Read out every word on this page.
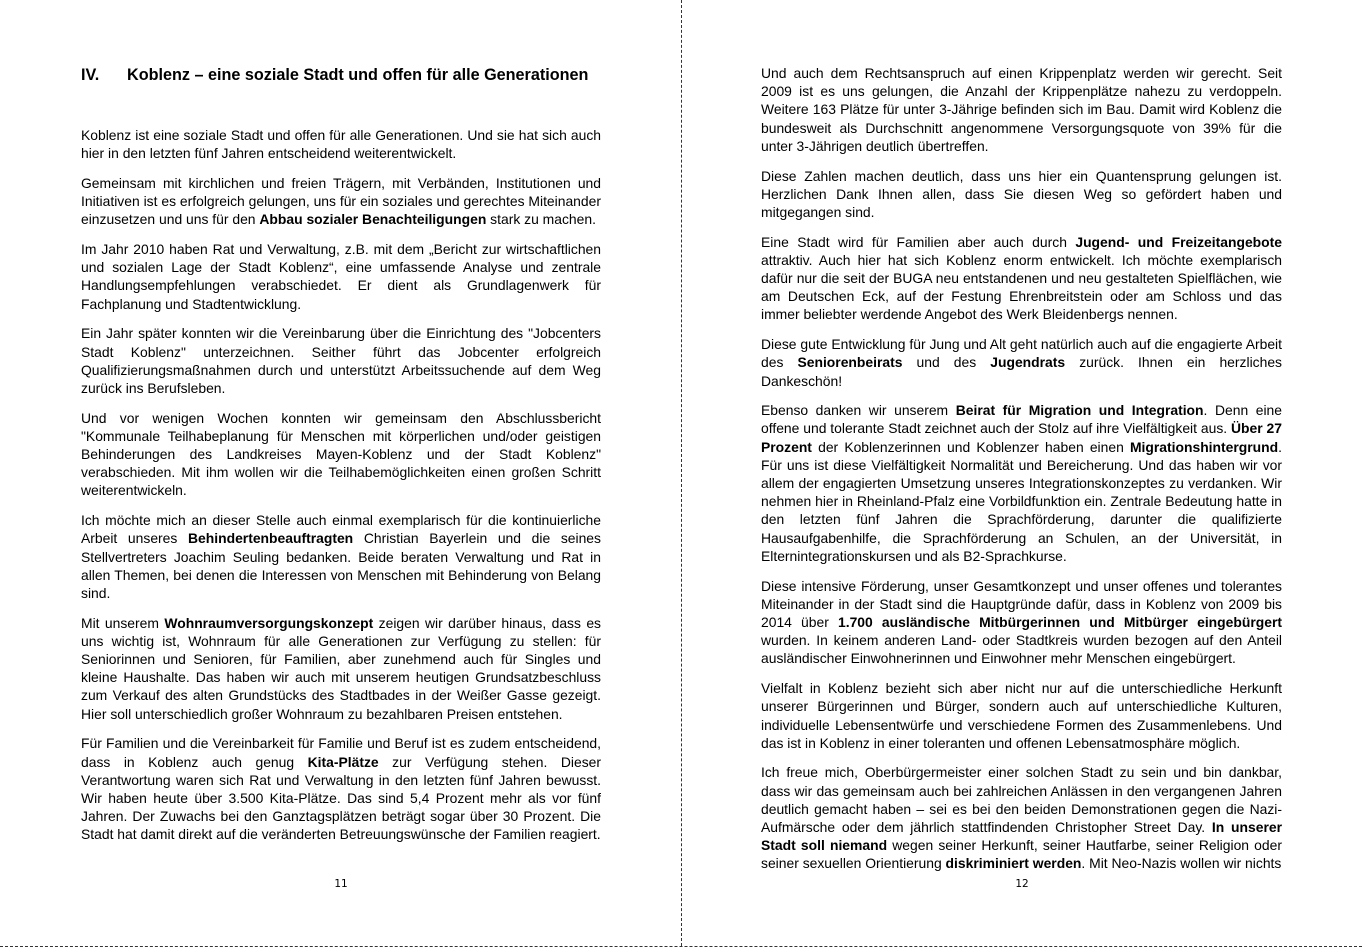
IV. Koblenz – eine soziale Stadt und offen für alle Generationen

Koblenz ist eine soziale Stadt und offen für alle Generationen. Und sie hat sich auch hier in den letzten fünf Jahren entscheidend weiterentwickelt.

Gemeinsam mit kirchlichen und freien Trägern, mit Verbänden, Institutionen und Initiativen ist es erfolgreich gelungen, uns für ein soziales und gerechtes Miteinander einzusetzen und uns für den Abbau sozialer Benachteiligungen stark zu machen.

Im Jahr 2010 haben Rat und Verwaltung, z.B. mit dem „Bericht zur wirtschaftlichen und sozialen Lage der Stadt Koblenz“, eine umfassende Analyse und zentrale Handlungsempfehlungen verabschiedet. Er dient als Grundlagenwerk für Fachplanung und Stadtentwicklung.

Ein Jahr später konnten wir die Vereinbarung über die Einrichtung des "Jobcenters Stadt Koblenz" unterzeichnen. Seither führt das Jobcenter erfolgreich Qualifizierungsmaßnahmen durch und unterstützt Arbeitssuchende auf dem Weg zurück ins Berufsleben.

Und vor wenigen Wochen konnten wir gemeinsam den Abschlussbericht "Kommunale Teilhabeplanung für Menschen mit körperlichen und/oder geistigen Behinderungen des Landkreises Mayen-Koblenz und der Stadt Koblenz" verabschieden. Mit ihm wollen wir die Teilhabemöglichkeiten einen großen Schritt weiterentwickeln.

Ich möchte mich an dieser Stelle auch einmal exemplarisch für die kontinuierliche Arbeit unseres Behindertenbeauftragten Christian Bayerlein und die seines Stellvertreters Joachim Seuling bedanken. Beide beraten Verwaltung und Rat in allen Themen, bei denen die Interessen von Menschen mit Behinderung von Belang sind.

Mit unserem Wohnraumversorgungskonzept zeigen wir darüber hinaus, dass es uns wichtig ist, Wohnraum für alle Generationen zur Verfügung zu stellen: für Seniorinnen und Senioren, für Familien, aber zunehmend auch für Singles und kleine Haushalte. Das haben wir auch mit unserem heutigen Grundsatzbeschluss zum Verkauf des alten Grundstücks des Stadtbades in der Weißer Gasse gezeigt. Hier soll unterschiedlich großer Wohnraum zu bezahlbaren Preisen entstehen.

Für Familien und die Vereinbarkeit für Familie und Beruf ist es zudem entscheidend, dass in Koblenz auch genug Kita-Plätze zur Verfügung stehen. Dieser Verantwortung waren sich Rat und Verwaltung in den letzten fünf Jahren bewusst. Wir haben heute über 3.500 Kita-Plätze. Das sind 5,4 Prozent mehr als vor fünf Jahren. Der Zuwachs bei den Ganztagsplätzen beträgt sogar über 30 Prozent. Die Stadt hat damit direkt auf die veränderten Betreuungswünsche der Familien reagiert.

11

Und auch dem Rechtsanspruch auf einen Krippenplatz werden wir gerecht. Seit 2009 ist es uns gelungen, die Anzahl der Krippenplätze nahezu zu verdoppeln. Weitere 163 Plätze für unter 3-Jährige befinden sich im Bau. Damit wird Koblenz die bundesweit als Durchschnitt angenommene Versorgungsquote von 39% für die unter 3-Jährigen deutlich übertreffen.

Diese Zahlen machen deutlich, dass uns hier ein Quantensprung gelungen ist. Herzlichen Dank Ihnen allen, dass Sie diesen Weg so gefördert haben und mitgegangen sind.

Eine Stadt wird für Familien aber auch durch Jugend- und Freizeitangebote attraktiv. Auch hier hat sich Koblenz enorm entwickelt. Ich möchte exemplarisch dafür nur die seit der BUGA neu entstandenen und neu gestalteten Spielflächen, wie am Deutschen Eck, auf der Festung Ehrenbreitstein oder am Schloss und das immer beliebter werdende Angebot des Werk Bleidenbergs nennen.

Diese gute Entwicklung für Jung und Alt geht natürlich auch auf die engagierte Arbeit des Seniorenbeirats und des Jugendrats zurück. Ihnen ein herzliches Dankeschön!

Ebenso danken wir unserem Beirat für Migration und Integration. Denn eine offene und tolerante Stadt zeichnet auch der Stolz auf ihre Vielfältigkeit aus. Über 27 Prozent der Koblenzerinnen und Koblenzer haben einen Migrationshintergrund. Für uns ist diese Vielfältigkeit Normalität und Bereicherung. Und das haben wir vor allem der engagierten Umsetzung unseres Integrationskonzeptes zu verdanken. Wir nehmen hier in Rheinland-Pfalz eine Vorbildfunktion ein. Zentrale Bedeutung hatte in den letzten fünf Jahren die Sprachförderung, darunter die qualifizierte Hausaufgabenhilfe, die Sprachförderung an Schulen, an der Universität, in Elternintegrationskursen und als B2-Sprachkurse.

Diese intensive Förderung, unser Gesamtkonzept und unser offenes und tolerantes Miteinander in der Stadt sind die Hauptgründe dafür, dass in Koblenz von 2009 bis 2014 über 1.700 ausländische Mitbürgerinnen und Mitbürger eingebürgert wurden. In keinem anderen Land- oder Stadtkreis wurden bezogen auf den Anteil ausländischer Einwohnerinnen und Einwohner mehr Menschen eingebürgert.

Vielfalt in Koblenz bezieht sich aber nicht nur auf die unterschiedliche Herkunft unserer Bürgerinnen und Bürger, sondern auch auf unterschiedliche Kulturen, individuelle Lebensentwürfe und verschiedene Formen des Zusammenlebens. Und das ist in Koblenz in einer toleranten und offenen Lebensatmosphäre möglich.

Ich freue mich, Oberbürgermeister einer solchen Stadt zu sein und bin dankbar, dass wir das gemeinsam auch bei zahlreichen Anlässen in den vergangenen Jahren deutlich gemacht haben – sei es bei den beiden Demonstrationen gegen die Nazi-Aufmärsche oder dem jährlich stattfindenden Christopher Street Day. In unserer Stadt soll niemand wegen seiner Herkunft, seiner Hautfarbe, seiner Religion oder seiner sexuellen Orientierung diskriminiert werden. Mit Neo-Nazis wollen wir nichts

12
